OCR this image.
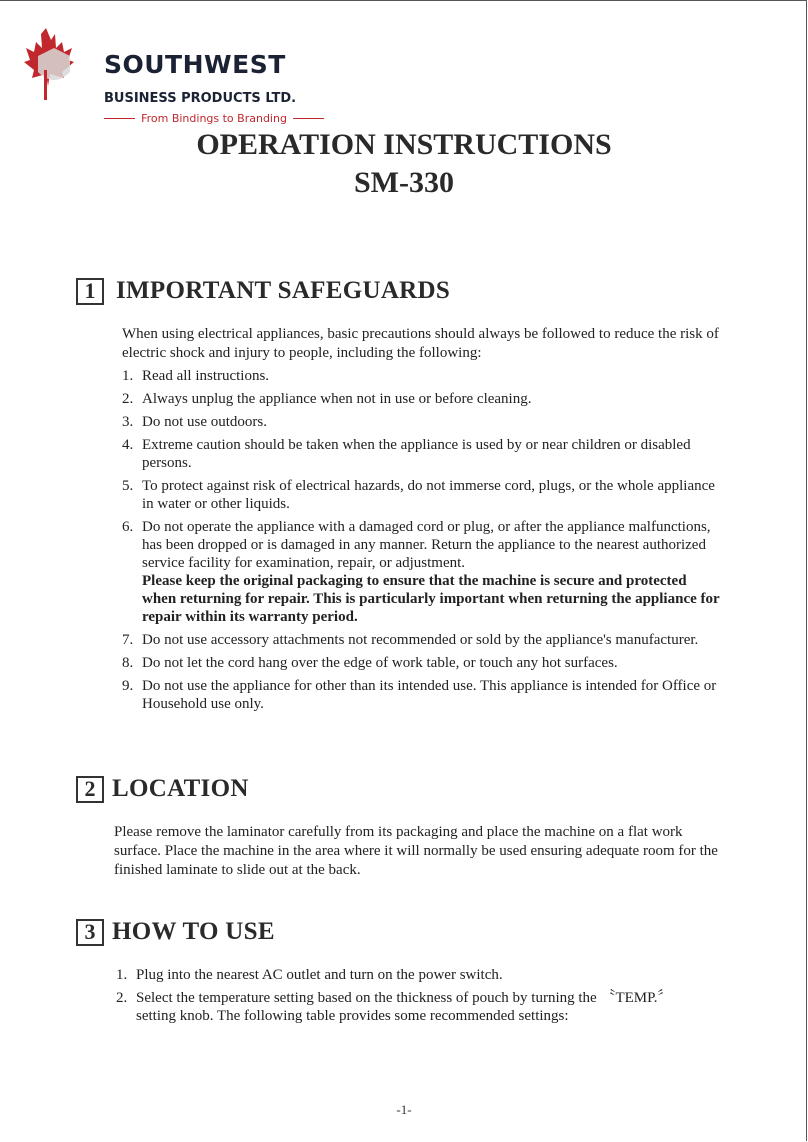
SOUTHWEST

BUSINESS PRODUCTS LTD.

From Bindings to Branding
OPERATION INSTRUCTIONS
SM-330
1 IMPORTANT SAFEGUARDS

When using electrical appliances, basic precautions should always be followed to reduce the risk of electric shock and injury to people, including the following:

1. Read all instructions.
2. Always unplug the appliance when not in use or before cleaning.
3. Do not use outdoors.
4. Extreme caution should be taken when the appliance is used by or near children or disabled persons.
5. To protect against risk of electrical hazards, do not immerse cord, plugs, or the whole appliance in water or other liquids.
6. Do not operate the appliance with a damaged cord or plug, or after the appliance malfunctions, has been dropped or is damaged in any manner. Return the appliance to the nearest authorized service facility for examination, repair, or adjustment.
Please keep the original packaging to ensure that the machine is secure and protected when returning for repair. This is particularly important when returning the appliance for repair within its warranty period.
7. Do not use accessory attachments not recommended or sold by the appliance's manufacturer.
8. Do not let the cord hang over the edge of work table, or touch any hot surfaces.
9. Do not use the appliance for other than its intended use. This appliance is intended for Office or Household use only.
2 LOCATION

Please remove the laminator carefully from its packaging and place the machine on a flat work surface. Place the machine in the area where it will normally be used ensuring adequate room for the finished laminate to slide out at the back.

3 HOW TO USE
1. Plug into the nearest AC outlet and turn on the power switch.
2. Select the temperature setting based on the thickness of pouch by turning the 〝TEMP.〞 setting knob. The following table provides some recommended settings:
-1-
